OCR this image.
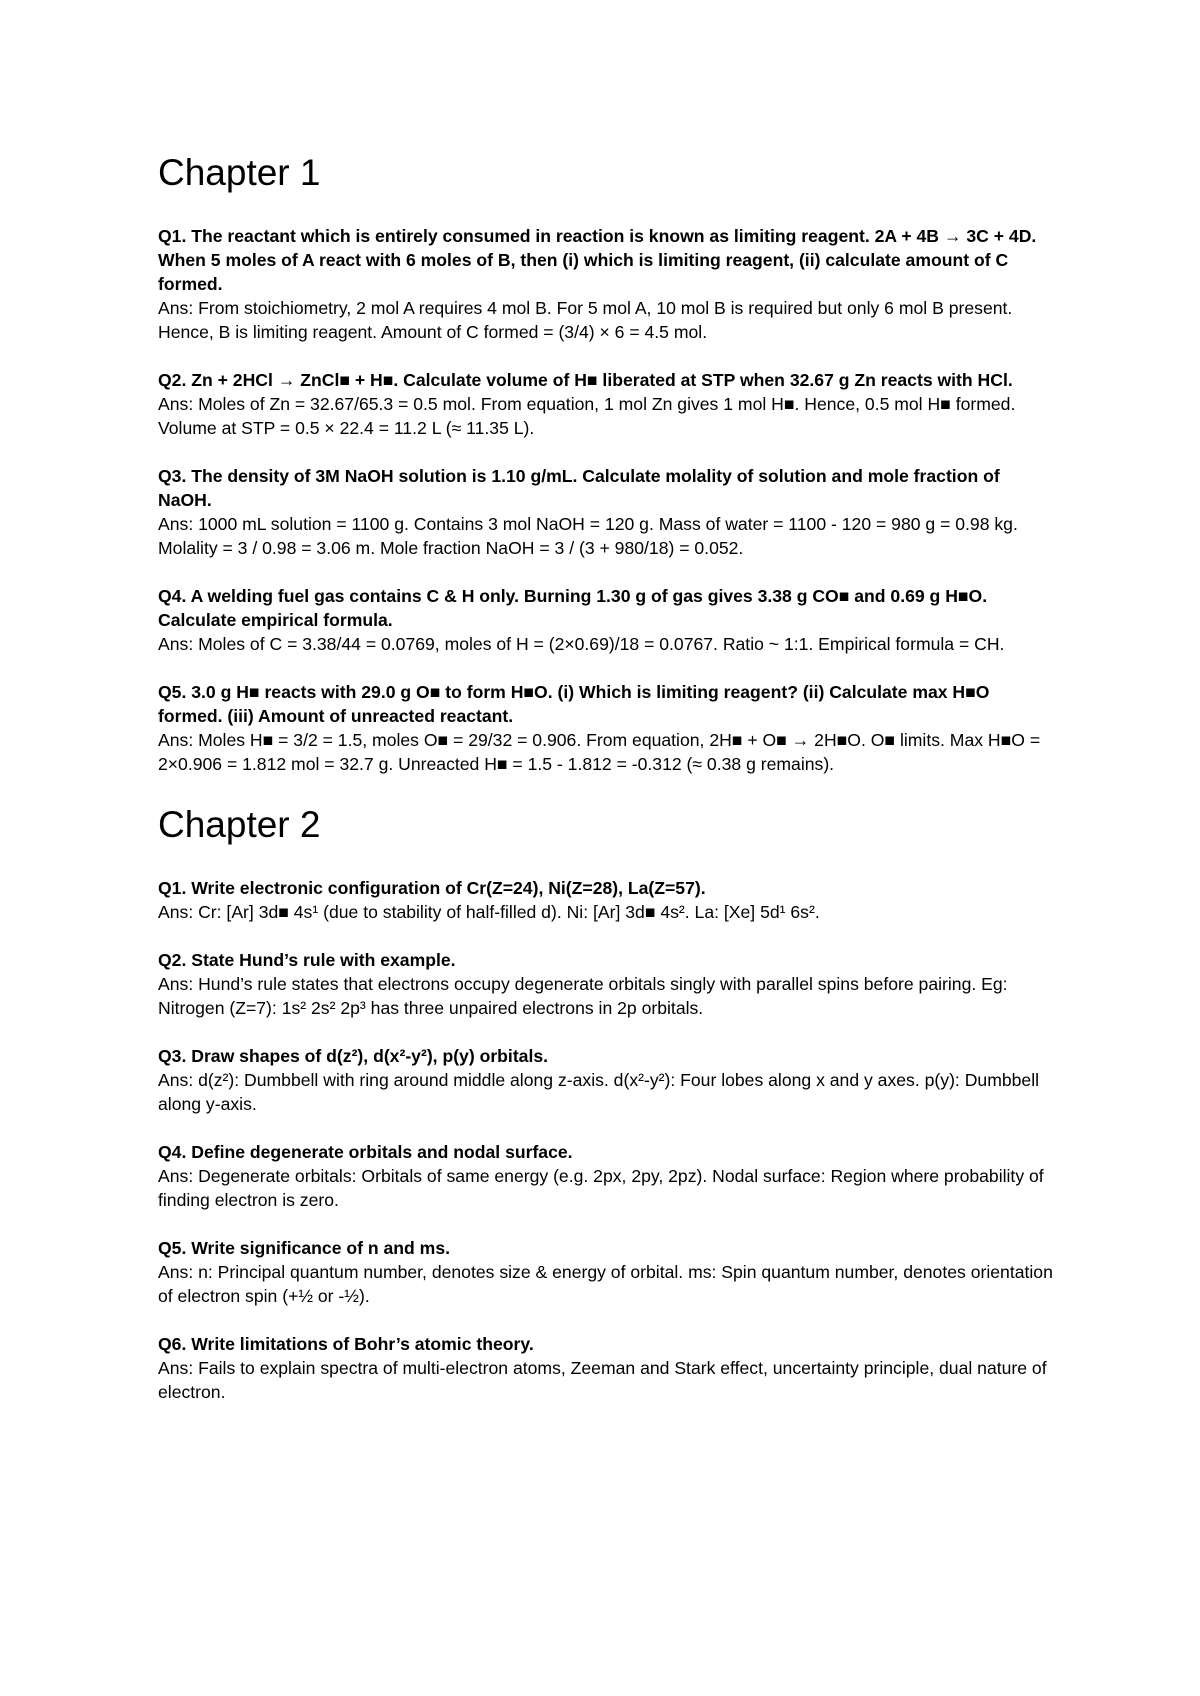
Chapter 1
Q1. The reactant which is entirely consumed in reaction is known as limiting reagent. 2A + 4B → 3C + 4D. When 5 moles of A react with 6 moles of B, then (i) which is limiting reagent, (ii) calculate amount of C formed.
Ans: From stoichiometry, 2 mol A requires 4 mol B. For 5 mol A, 10 mol B is required but only 6 mol B present. Hence, B is limiting reagent. Amount of C formed = (3/4) × 6 = 4.5 mol.
Q2. Zn + 2HCl → ZnCl■ + H■. Calculate volume of H■ liberated at STP when 32.67 g Zn reacts with HCl.
Ans: Moles of Zn = 32.67/65.3 = 0.5 mol. From equation, 1 mol Zn gives 1 mol H■. Hence, 0.5 mol H■ formed. Volume at STP = 0.5 × 22.4 = 11.2 L (≈ 11.35 L).
Q3. The density of 3M NaOH solution is 1.10 g/mL. Calculate molality of solution and mole fraction of NaOH.
Ans: 1000 mL solution = 1100 g. Contains 3 mol NaOH = 120 g. Mass of water = 1100 - 120 = 980 g = 0.98 kg. Molality = 3 / 0.98 = 3.06 m. Mole fraction NaOH = 3 / (3 + 980/18) = 0.052.
Q4. A welding fuel gas contains C & H only. Burning 1.30 g of gas gives 3.38 g CO■ and 0.69 g H■O. Calculate empirical formula.
Ans: Moles of C = 3.38/44 = 0.0769, moles of H = (2×0.69)/18 = 0.0767. Ratio ~ 1:1. Empirical formula = CH.
Q5. 3.0 g H■ reacts with 29.0 g O■ to form H■O. (i) Which is limiting reagent? (ii) Calculate max H■O formed. (iii) Amount of unreacted reactant.
Ans: Moles H■ = 3/2 = 1.5, moles O■ = 29/32 = 0.906. From equation, 2H■ + O■ → 2H■O. O■ limits. Max H■O = 2×0.906 = 1.812 mol = 32.7 g. Unreacted H■ = 1.5 - 1.812 = -0.312 (≈ 0.38 g remains).
Chapter 2
Q1. Write electronic configuration of Cr(Z=24), Ni(Z=28), La(Z=57).
Ans: Cr: [Ar] 3d■ 4s¹ (due to stability of half-filled d). Ni: [Ar] 3d■ 4s². La: [Xe] 5d¹ 6s².
Q2. State Hund’s rule with example.
Ans: Hund’s rule states that electrons occupy degenerate orbitals singly with parallel spins before pairing. Eg: Nitrogen (Z=7): 1s² 2s² 2p³ has three unpaired electrons in 2p orbitals.
Q3. Draw shapes of d(z²), d(x²-y²), p(y) orbitals.
Ans: d(z²): Dumbbell with ring around middle along z-axis. d(x²-y²): Four lobes along x and y axes. p(y): Dumbbell along y-axis.
Q4. Define degenerate orbitals and nodal surface.
Ans: Degenerate orbitals: Orbitals of same energy (e.g. 2px, 2py, 2pz). Nodal surface: Region where probability of finding electron is zero.
Q5. Write significance of n and ms.
Ans: n: Principal quantum number, denotes size & energy of orbital. ms: Spin quantum number, denotes orientation of electron spin (+½ or -½).
Q6. Write limitations of Bohr’s atomic theory.
Ans: Fails to explain spectra of multi-electron atoms, Zeeman and Stark effect, uncertainty principle, dual nature of electron.
